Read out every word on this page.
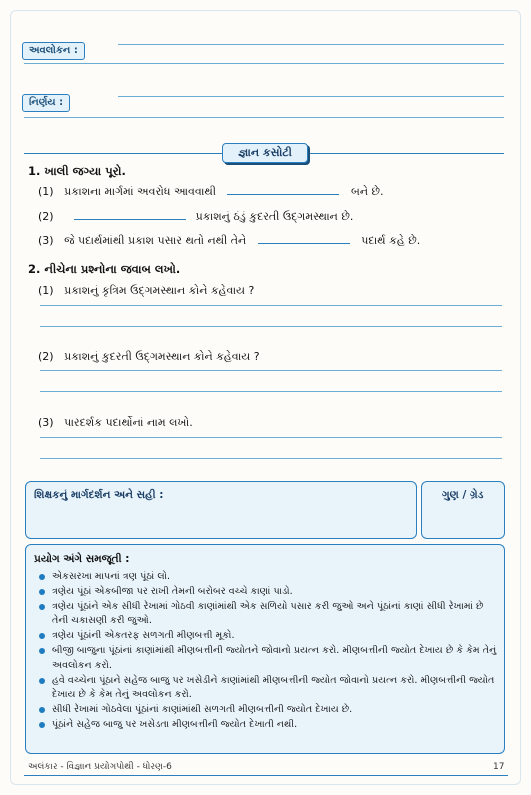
અવલોકન :
નિર્ણય :
જ્ઞાન કસોટી
1. ખાલી જગ્યા પૂરો.
(1) પ્રકાશના માર્ગમાં અવરોધ આવવાથી	બને છે.
(2)	પ્રકાશનું ઠંડું કુદરતી ઉદ્‌ગમસ્થાન છે.
(3) જે પદાર્થમાંથી પ્રકાશ પસાર થતો નથી તેને	પદાર્થ કહે છે.
2. નીચેના પ્રશ્નોના જવાબ લખો.
(1) પ્રકાશનું કૃત્રિમ ઉદ્‌ગમસ્થાન કોને કહેવાય ?
(2) પ્રકાશનું કુદરતી ઉદ્‌ગમસ્થાન કોને કહેવાય ?
(3) પારદર્શક પદાર્થોનાં નામ લખો.
શિક્ષકનું માર્ગદર્શન અને સહી :	ગુણ / ગ્રેડ
પ્રયોગ અંગે સમજૂતી :
એકસરખા માપનાં ત્રણ પૂંઠાં લો.
ત્રણેય પૂંઠાં એકબીજા પર રાખી તેમની બરોબર વચ્ચે કાણાં પાડો.
ત્રણેય પૂંઠાંને એક સીધી રેખામાં ગોઠવી કાણાંમાંથી એક સળિયો પસાર કરી જુઓ અને પૂંઠાંનાં કાણાં સીધી રેખામાં છે તેની ચકાસણી કરી જુઓ.
ત્રણેય પૂંઠાંની એકતરફ સળગતી મીણબત્તી મૂકો.
બીજી બાજુના પૂંઠાંનાં કાણાંમાંથી મીણબત્તીની જ્યોતને જોવાનો પ્રયત્ન કરો. મીણબત્તીની જ્યોત દેખાય છે કે કેમ તેનું અવલોકન કરો.
હવે વચ્ચેના પૂંઠાને સહેજ બાજુ પર ખસેડીને કાણાંમાંથી મીણબત્તીની જ્યોત જોવાનો પ્રયત્ન કરો. મીણબત્તીની જ્યોત દેખાય છે કે કેમ તેનું અવલોકન કરો.
સીધી રેખામાં ગોઠવેલા પૂંઠાંનાં કાણાંમાંથી સળગતી મીણબત્તીની જ્યોત દેખાય છે.
પૂંઠાંને સહેજ બાજુ પર ખસેડતા મીણબત્તીની જ્યોત દેખાતી નથી.
અલંકાર - વિજ્ઞાન પ્રયોગપોથી - ધોરણ-6	17
